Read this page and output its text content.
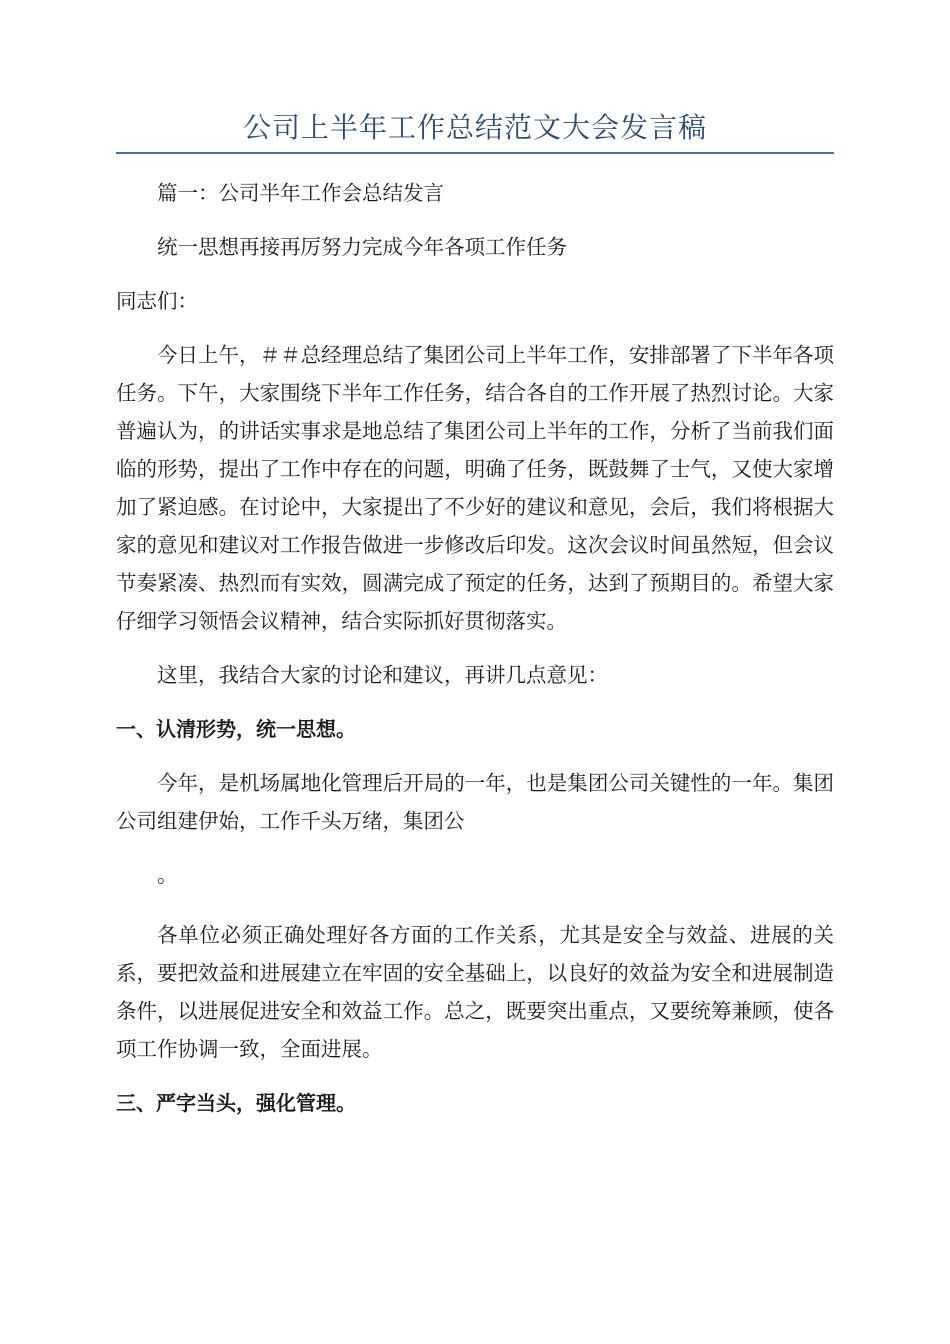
公司上半年工作总结范文大会发言稿

篇一：公司半年工作会总结发言

统一思想再接再厉努力完成今年各项工作任务

同志们：

今日上午，＃＃总经理总结了集团公司上半年工作，安排部署了下半年各项任务。下午，大家围绕下半年工作任务，结合各自的工作开展了热烈讨论。大家普遍认为，的讲话实事求是地总结了集团公司上半年的工作，分析了当前我们面临的形势，提出了工作中存在的问题，明确了任务，既鼓舞了士气，又使大家增加了紧迫感。在讨论中，大家提出了不少好的建议和意见，会后，我们将根据大家的意见和建议对工作报告做进一步修改后印发。这次会议时间虽然短，但会议节奏紧凑、热烈而有实效，圆满完成了预定的任务，达到了预期目的。希望大家仔细学习领悟会议精神，结合实际抓好贯彻落实。

这里，我结合大家的讨论和建议，再讲几点意见：

一、认清形势，统一思想。

今年，是机场属地化管理后开局的一年，也是集团公司关键性的一年。集团公司组建伊始，工作千头万绪，集团公

。

各单位必须正确处理好各方面的工作关系，尤其是安全与效益、进展的关系，要把效益和进展建立在牢固的安全基础上，以良好的效益为安全和进展制造条件，以进展促进安全和效益工作。总之，既要突出重点，又要统筹兼顾，使各项工作协调一致，全面进展。

三、严字当头，强化管理。
